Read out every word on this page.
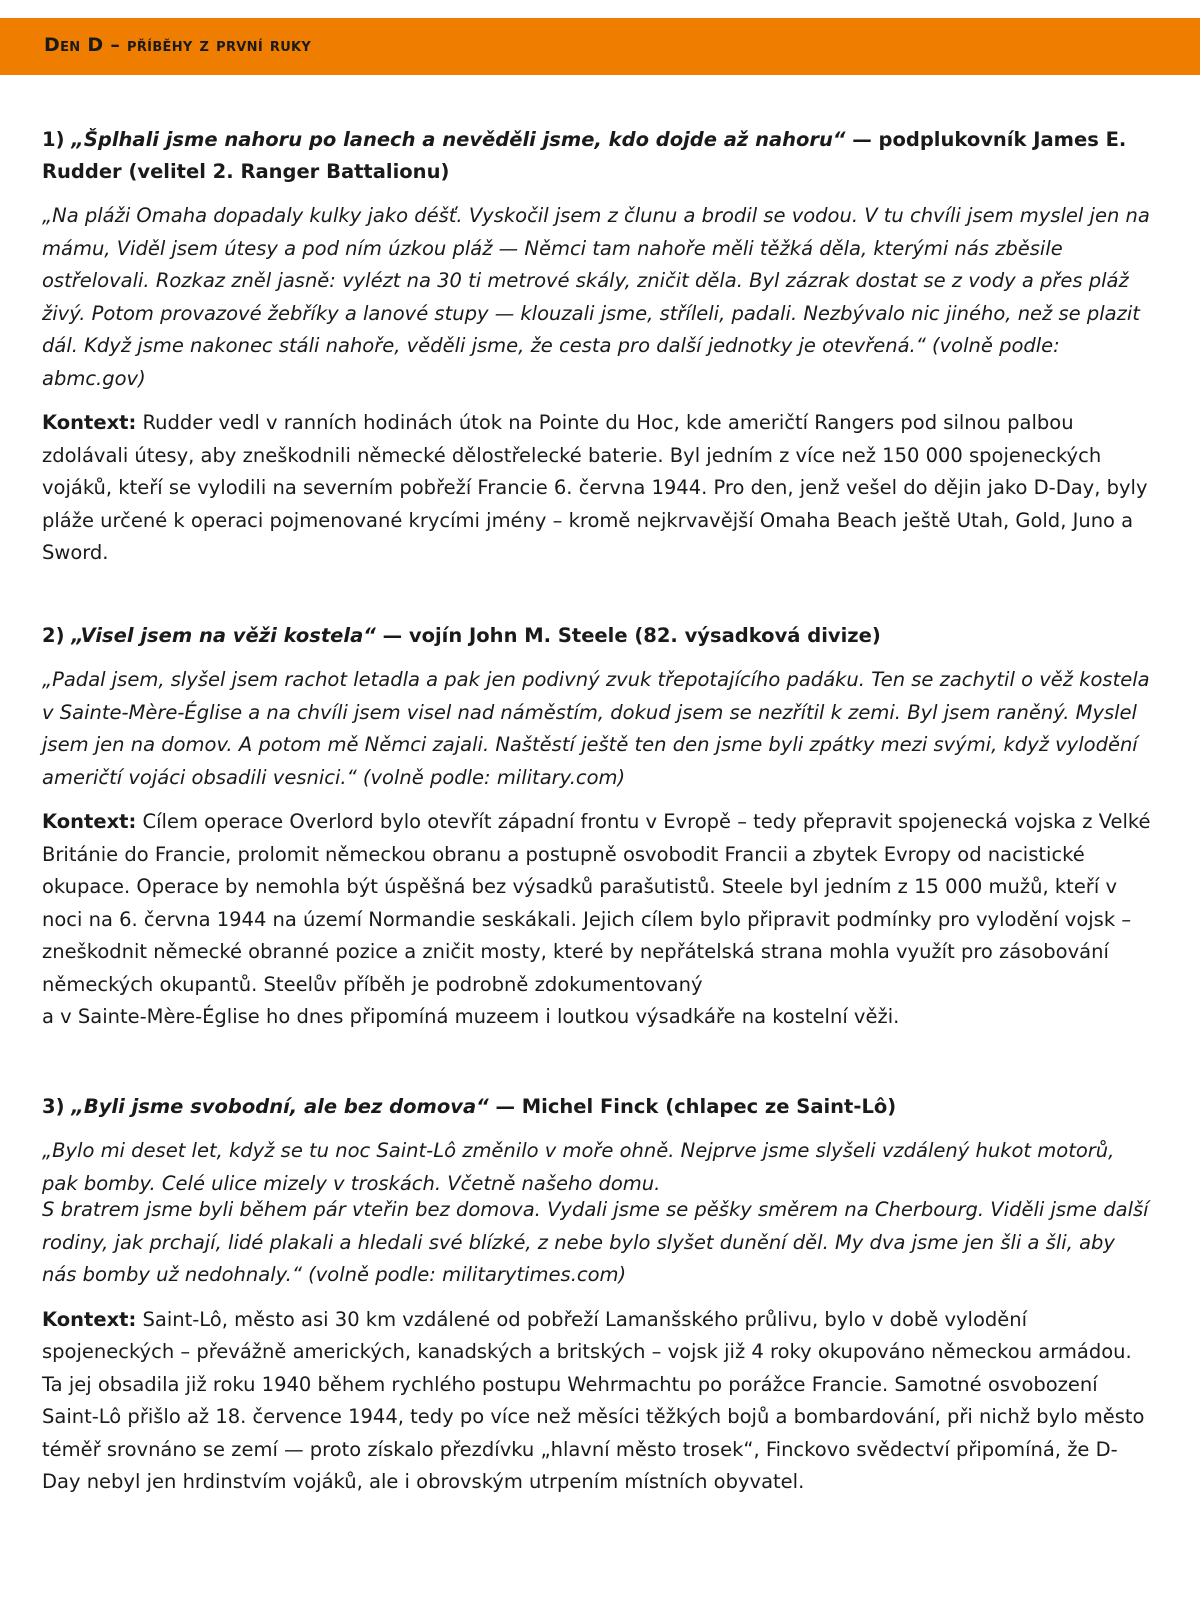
Den D – příběhy z první ruky

1) „Šplhali jsme nahoru po lanech a nevěděli jsme, kdo dojde až nahoru“ — podplukovník James E. Rudder (velitel 2. Ranger Battalionu)

„Na pláži Omaha dopadaly kulky jako déšť. Vyskočil jsem z člunu a brodil se vodou. V tu chvíli jsem myslel jen na mámu, Viděl jsem útesy a pod ním úzkou pláž — Němci tam nahoře měli těžká děla, kterými nás zběsile ostřelovali. Rozkaz zněl jasně: vylézt na 30 ti metrové skály, zničit děla. Byl zázrak dostat se z vody a přes pláž živý. Potom provazové žebříky a lanové stupy — klouzali jsme, stříleli, padali. Nezbývalo nic jiného, než se plazit dál. Když jsme nakonec stáli nahoře, věděli jsme, že cesta pro další jednotky je otevřená.“ (volně podle: abmc.gov)

Kontext: Rudder vedl v ranních hodinách útok na Pointe du Hoc, kde američtí Rangers pod silnou palbou zdolávali útesy, aby zneškodnili německé dělostřelecké baterie. Byl jedním z více než 150 000 spojeneckých vojáků, kteří se vylodili na severním pobřeží Francie 6. června 1944. Pro den, jenž vešel do dějin jako D-Day, byly pláže určené k operaci pojmenované krycími jmény – kromě nejkrvavější Omaha Beach ještě Utah, Gold, Juno a Sword.

2) „Visel jsem na věži kostela“ — vojín John M. Steele (82. výsadková divize)

„Padal jsem, slyšel jsem rachot letadla a pak jen podivný zvuk třepotajícího padáku. Ten se zachytil o věž kostela v Sainte-Mère-Église a na chvíli jsem visel nad náměstím, dokud jsem se nezřítil k zemi. Byl jsem raněný. Myslel jsem jen na domov. A potom mě Němci zajali. Naštěstí ještě ten den jsme byli zpátky mezi svými, když vylodění američtí vojáci obsadili vesnici.“ (volně podle: military.com)

Kontext: Cílem operace Overlord bylo otevřít západní frontu v Evropě – tedy přepravit spojenecká vojska z Velké Británie do Francie, prolomit německou obranu a postupně osvobodit Francii a zbytek Evropy od nacistické okupace. Operace by nemohla být úspěšná bez výsadků parašutistů. Steele byl jedním z 15 000 mužů, kteří v noci na 6. června 1944 na území Normandie seskákali. Jejich cílem bylo připravit podmínky pro vylodění vojsk – zneškodnit německé obranné pozice a zničit mosty, které by nepřátelská strana mohla využít pro zásobování německých okupantů. Steelův příběh je podrobně zdokumentovaný
a v Sainte-Mère-Église ho dnes připomíná muzeem i loutkou výsadkáře na kostelní věži.

3) „Byli jsme svobodní, ale bez domova“ — Michel Finck (chlapec ze Saint-Lô)

„Bylo mi deset let, když se tu noc Saint-Lô změnilo v moře ohně. Nejprve jsme slyšeli vzdálený hukot motorů, pak bomby. Celé ulice mizely v troskách. Včetně našeho domu.
S bratrem jsme byli během pár vteřin bez domova. Vydali jsme se pěšky směrem na Cherbourg. Viděli jsme další rodiny, jak prchají, lidé plakali a hledali své blízké, z nebe bylo slyšet dunění děl. My dva jsme jen šli a šli, aby nás bomby už nedohnaly.“ (volně podle: militarytimes.com)

Kontext: Saint-Lô, město asi 30 km vzdálené od pobřeží Lamanšského průlivu, bylo v době vylodění spojeneckých – převážně amerických, kanadských a britských – vojsk již 4 roky okupováno německou armádou. Ta jej obsadila již roku 1940 během rychlého postupu Wehrmachtu po porážce Francie. Samotné osvobození Saint-Lô přišlo až 18. července 1944, tedy po více než měsíci těžkých bojů a bombardování, při nichž bylo město téměř srovnáno se zemí — proto získalo přezdívku „hlavní město trosek“, Finckovo svědectví připomíná, že D-Day nebyl jen hrdinstvím vojáků, ale i obrovským utrpením místních obyvatel.
